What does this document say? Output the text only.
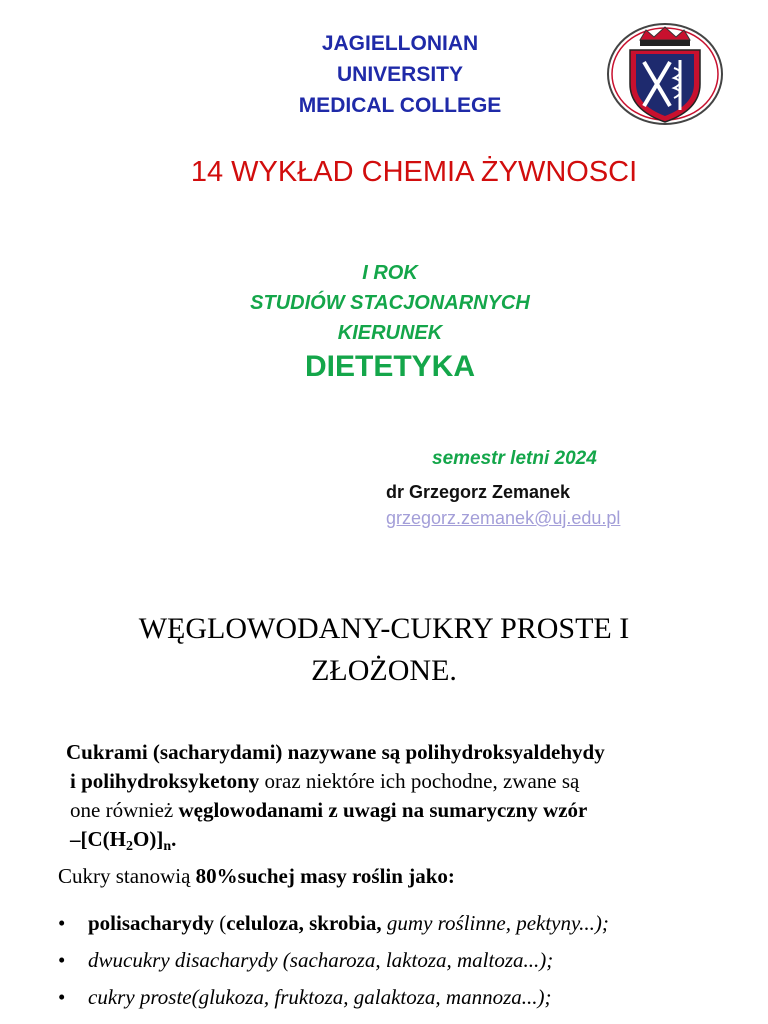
JAGIELLONIAN
UNIVERSITY
MEDICAL COLLEGE
14 WYKŁAD CHEMIA ŻYWNOSCI
I ROK
STUDIÓW STACJONARNYCH
KIERUNEK
DIETETYKA
semestr letni 2024
dr Grzegorz Zemanek
grzegorz.zemanek@uj.edu.pl
WĘGLOWODANY-CUKRY PROSTE I
ZŁOŻONE.
Cukrami (sacharydami) nazywane są polihydroksyaldehydy
i polihydroksyketony oraz niektóre ich pochodne, zwane są
one również węglowodanami z uwagi na sumaryczny wzór
$-[C(H_2O)]_n$.
Cukry stanowią 80%suchej masy roślin jako:
• polisacharydy (celuloza, skrobia, gumy roślinne, pektyny...);
• dwucukry disacharydy (sacharoza, laktoza, maltoza...);
• cukry proste(glukoza, fruktoza, galaktoza, mannoza...);
